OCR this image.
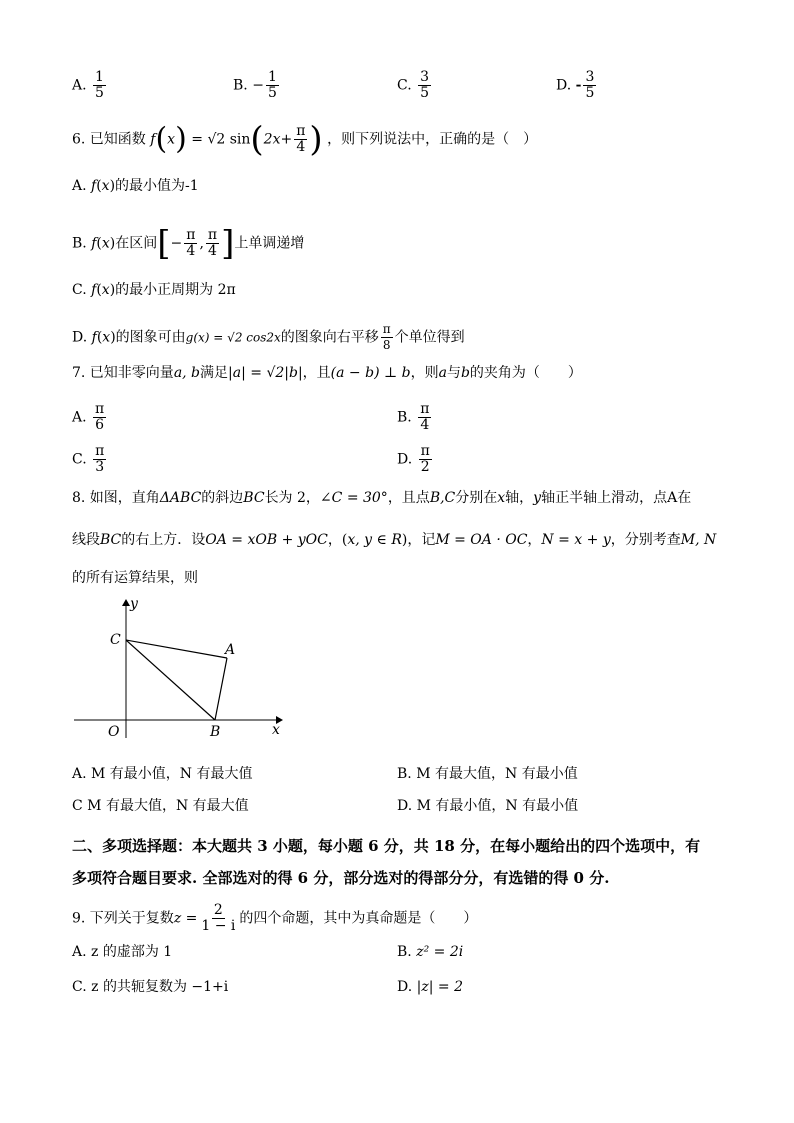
A. $\frac{1}{5}$	B. − $\frac{1}{5}$	C. $\frac{3}{5}$	D. - $\frac{3}{5}$
6. 已知函数 f(x) = √2 $\sin(2x+ \frac{\pi}{4}$ ) ，则下列说法中，正确的是（　）
A. f(x)的最小值为-1
B. f(x)在区间[− $\frac{\pi}{4}$ , $\frac{\pi}{4}$ ]上单调递增
C. f(x)的最小正周期为 2π
D. f(x)的图象可由g(x) = √2 cos2x的图象向右平移 $\frac{\pi}{8}$ 个单位得到
7. 已知非零向量a, b满足|a| = √2|b|，且(a − b) ⊥ b，则a与b的夹角为（　　）
A. $\frac{\pi}{6}$	B. $\frac{\pi}{4}$
C. $\frac{\pi}{3}$	D. $\frac{\pi}{2}$
8. 如图，直角ΔABC的斜边BC长为 2，∠C = 30°，且点B,C分别在x轴，y轴正半轴上滑动，点A在
线段BC的右上方．设OA = xOB + yOC，(x, y ∈ R)，记M = OA · OC，N = x + y，分别考查M, N
的所有运算结果，则
y
x
C
A
O	B
A. M 有最小值，N 有最大值	B. M 有最大值，N 有最小值
C M 有最大值，N 有最大值	D. M 有最小值，N 有最小值
二、多项选择题：本大题共 3 小题，每小题 6 分，共 18 分，在每小题给出的四个选项中，有
多项符合题目要求. 全部选对的得 6 分，部分选对的得部分分，有选错的得 0 分.
9. 下列关于复数$z = \frac{2}{1 - i}$ 的四个命题，其中为真命题是（　　）
A. z 的虚部为 1	B. z² = 2i
C. z 的共轭复数为 −1+i	D. |z| = 2
